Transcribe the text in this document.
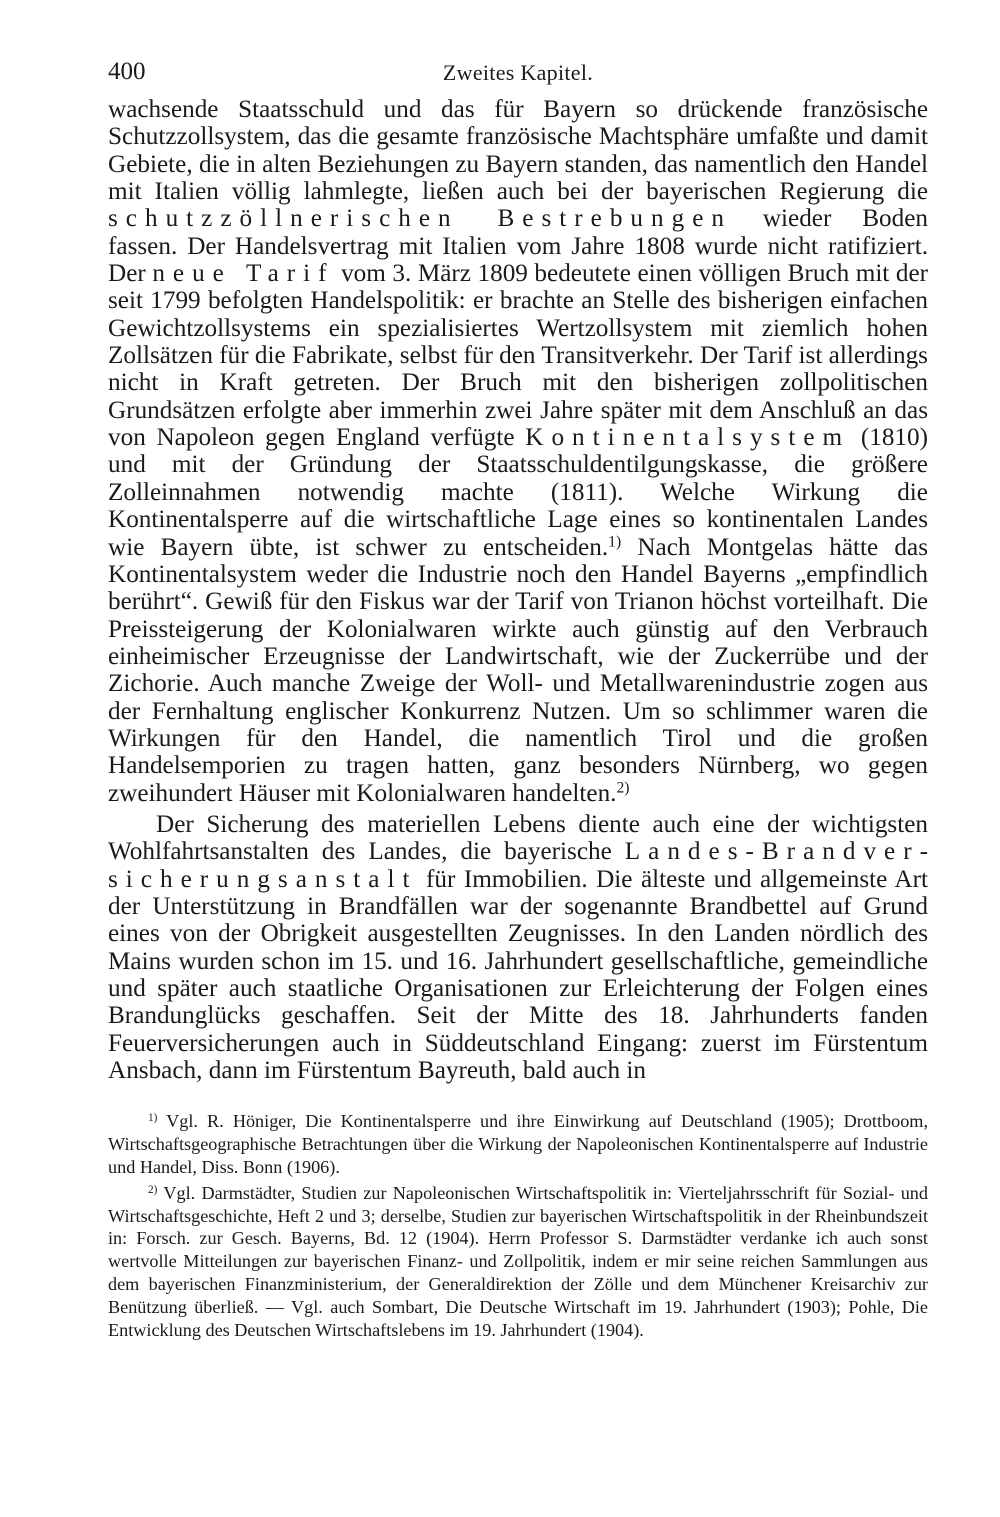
400	Zweites Kapitel.

wachsende Staatsschuld und das für Bayern so drückende französische Schutzzollsystem, das die gesamte französische Machtsphäre umfaßte und damit Gebiete, die in alten Beziehungen zu Bayern standen, das namentlich den Handel mit Italien völlig lahmlegte, ließen auch bei der bayerischen Regierung die schutzzöllnerischen Bestrebungen wieder Boden fassen. Der Handelsvertrag mit Italien vom Jahre 1808 wurde nicht ratifiziert. Der neue Tarif vom 3. März 1809 bedeutete einen völligen Bruch mit der seit 1799 befolgten Handelspolitik: er brachte an Stelle des bisherigen einfachen Gewichtzollsystems ein spezialisiertes Wertzollsystem mit ziemlich hohen Zollsätzen für die Fabrikate, selbst für den Transitverkehr. Der Tarif ist allerdings nicht in Kraft getreten. Der Bruch mit den bisherigen zollpolitischen Grundsätzen erfolgte aber immerhin zwei Jahre später mit dem Anschluß an das von Napoleon gegen England verfügte Kontinentalsystem (1810) und mit der Gründung der Staatsschuldentilgungskasse, die größere Zolleinnahmen notwendig machte (1811). Welche Wirkung die Kontinentalsperre auf die wirtschaftliche Lage eines so kontinentalen Landes wie Bayern übte, ist schwer zu entscheiden.$^{1)}$ Nach Montgelas hätte das Kontinentalsystem weder die Industrie noch den Handel Bayerns „empfindlich berührt“. Gewiß für den Fiskus war der Tarif von Trianon höchst vorteilhaft. Die Preissteigerung der Kolonialwaren wirkte auch günstig auf den Verbrauch einheimischer Erzeugnisse der Landwirtschaft, wie der Zuckerrübe und der Zichorie. Auch manche Zweige der Woll- und Metallwarenindustrie zogen aus der Fernhaltung englischer Konkurrenz Nutzen. Um so schlimmer waren die Wirkungen für den Handel, die namentlich Tirol und die großen Handelsemporien zu tragen hatten, ganz besonders Nürnberg, wo gegen zweihundert Häuser mit Kolonialwaren handelten.$^{2)}$

Der Sicherung des materiellen Lebens diente auch eine der wichtigsten Wohlfahrtsanstalten des Landes, die bayerische Landes-Brandversicherungsanstalt für Immobilien. Die älteste und allgemeinste Art der Unterstützung in Brandfällen war der sogenannte Brandbettel auf Grund eines von der Obrigkeit ausgestellten Zeugnisses. In den Landen nördlich des Mains wurden schon im 15. und 16. Jahrhundert gesellschaftliche, gemeindliche und später auch staatliche Organisationen zur Erleichterung der Folgen eines Brandunglücks geschaffen. Seit der Mitte des 18. Jahrhunderts fanden Feuerversicherungen auch in Süddeutschland Eingang: zuerst im Fürstentum Ansbach, dann im Fürstentum Bayreuth, bald auch in

$^{1)}$ Vgl. R. Höniger, Die Kontinentalsperre und ihre Einwirkung auf Deutschland (1905); Drottboom, Wirtschaftsgeographische Betrachtungen über die Wirkung der Napoleonischen Kontinentalsperre auf Industrie und Handel, Diss. Bonn (1906).

$^{2)}$ Vgl. Darmstädter, Studien zur Napoleonischen Wirtschaftspolitik in: Vierteljahrsschrift für Sozial- und Wirtschaftsgeschichte, Heft 2 und 3; derselbe, Studien zur bayerischen Wirtschaftspolitik in der Rheinbundszeit in: Forsch. zur Gesch. Bayerns, Bd. 12 (1904). Herrn Professor S. Darmstädter verdanke ich auch sonst wertvolle Mitteilungen zur bayerischen Finanz- und Zollpolitik, indem er mir seine reichen Sammlungen aus dem bayerischen Finanzministerium, der Generaldirektion der Zölle und dem Münchener Kreisarchiv zur Benützung überließ. — Vgl. auch Sombart, Die Deutsche Wirtschaft im 19. Jahrhundert (1903); Pohle, Die Entwicklung des Deutschen Wirtschaftslebens im 19. Jahrhundert (1904).
